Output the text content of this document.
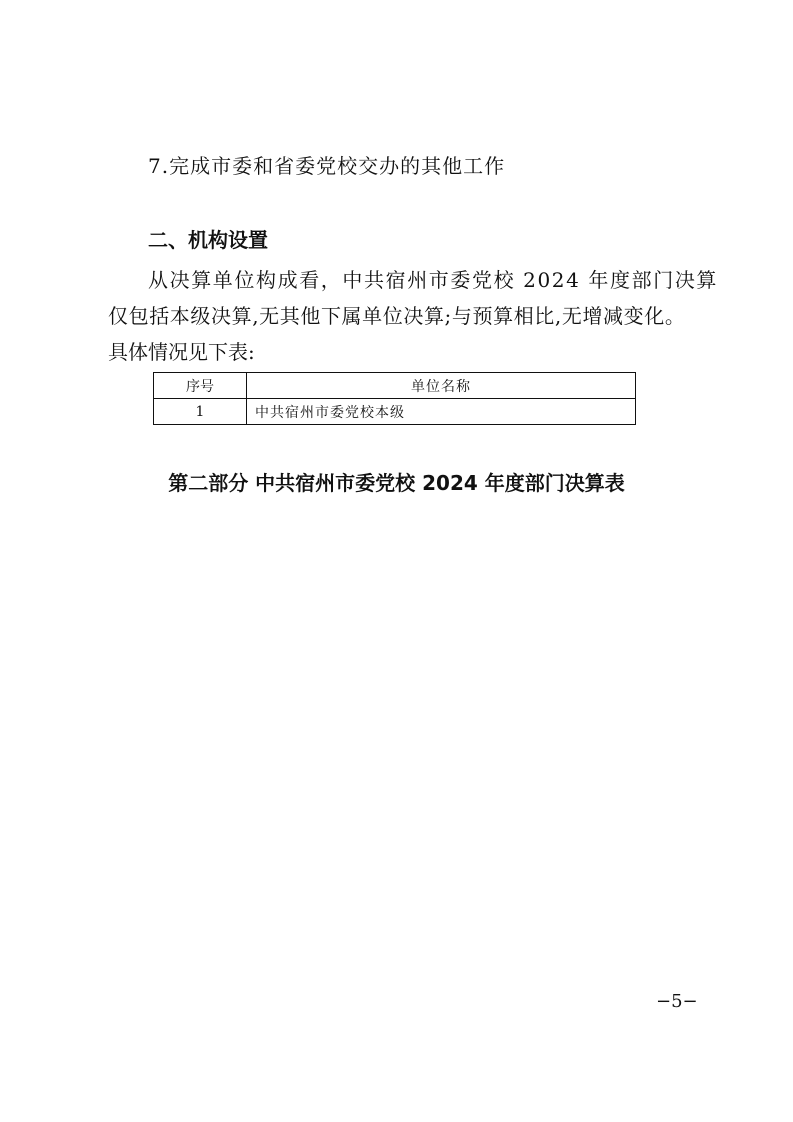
7.完成市委和省委党校交办的其他工作
二、机构设置
从决算单位构成看，中共宿州市委党校 2024 年度部门决算
仅包括本级决算,无其他下属单位决算;与预算相比,无增减变化。
具体情况见下表:
序号	单位名称
1	中共宿州市委党校本级
第二部分 中共宿州市委党校 2024 年度部门决算表
−5−
